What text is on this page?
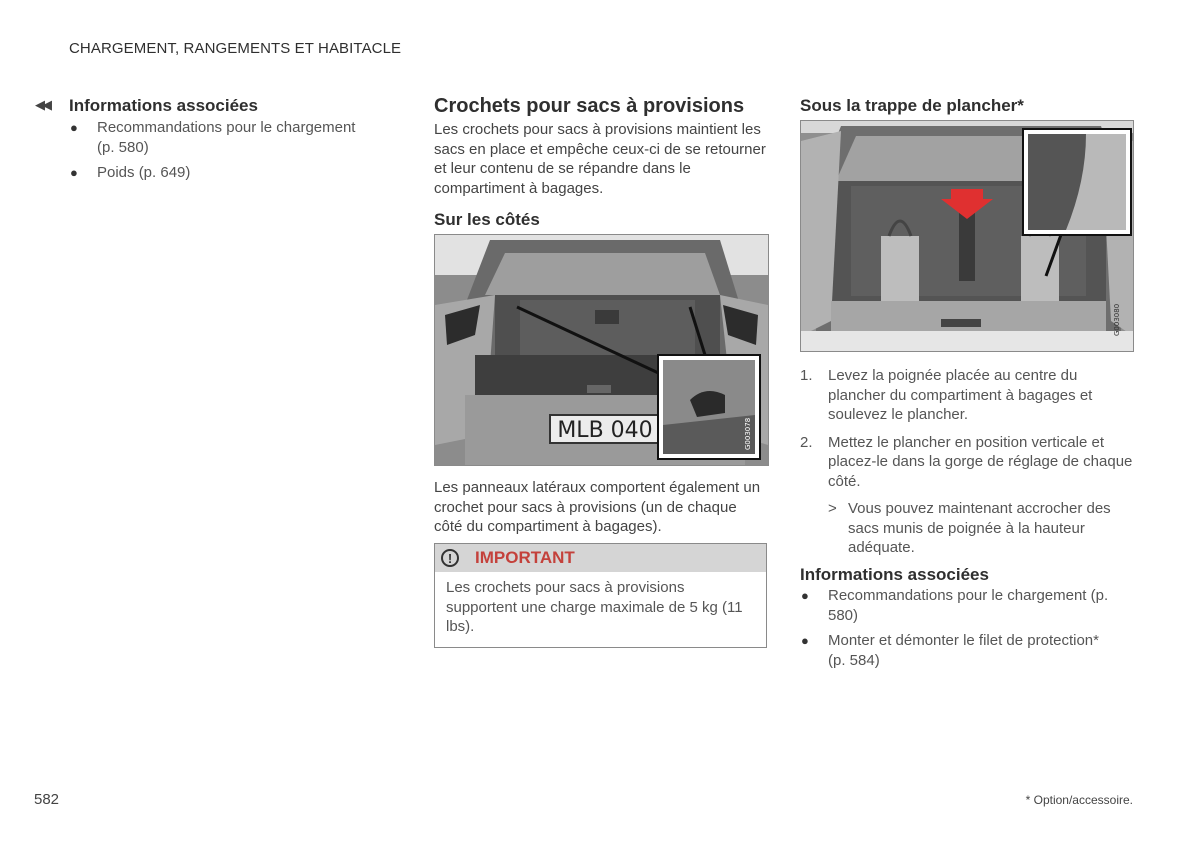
CHARGEMENT, RANGEMENTS ET HABITACLE
◀◀ Informations associées
● Recommandations pour le chargement (p. 580)
● Poids (p. 649)
Crochets pour sacs à provisions
Les crochets pour sacs à provisions maintient les sacs en place et empêche ceux-ci de se retourner et leur contenu de se répandre dans le compartiment à bagages.
Sur les côtés
MLB 040	G003078
Les panneaux latéraux comportent également un crochet pour sacs à provisions (un de chaque côté du compartiment à bagages).
!	IMPORTANT
Les crochets pour sacs à provisions supportent une charge maximale de 5 kg (11 lbs).
Sous la trappe de plancher*
G003080
1. Levez la poignée placée au centre du plancher du compartiment à bagages et soulevez le plancher.
2. Mettez le plancher en position verticale et placez-le dans la gorge de réglage de chaque côté.
> Vous pouvez maintenant accrocher des sacs munis de poignée à la hauteur adéquate.
Informations associées
● Recommandations pour le chargement (p. 580)
● Monter et démonter le filet de protection* (p. 584)
582	* Option/accessoire.
